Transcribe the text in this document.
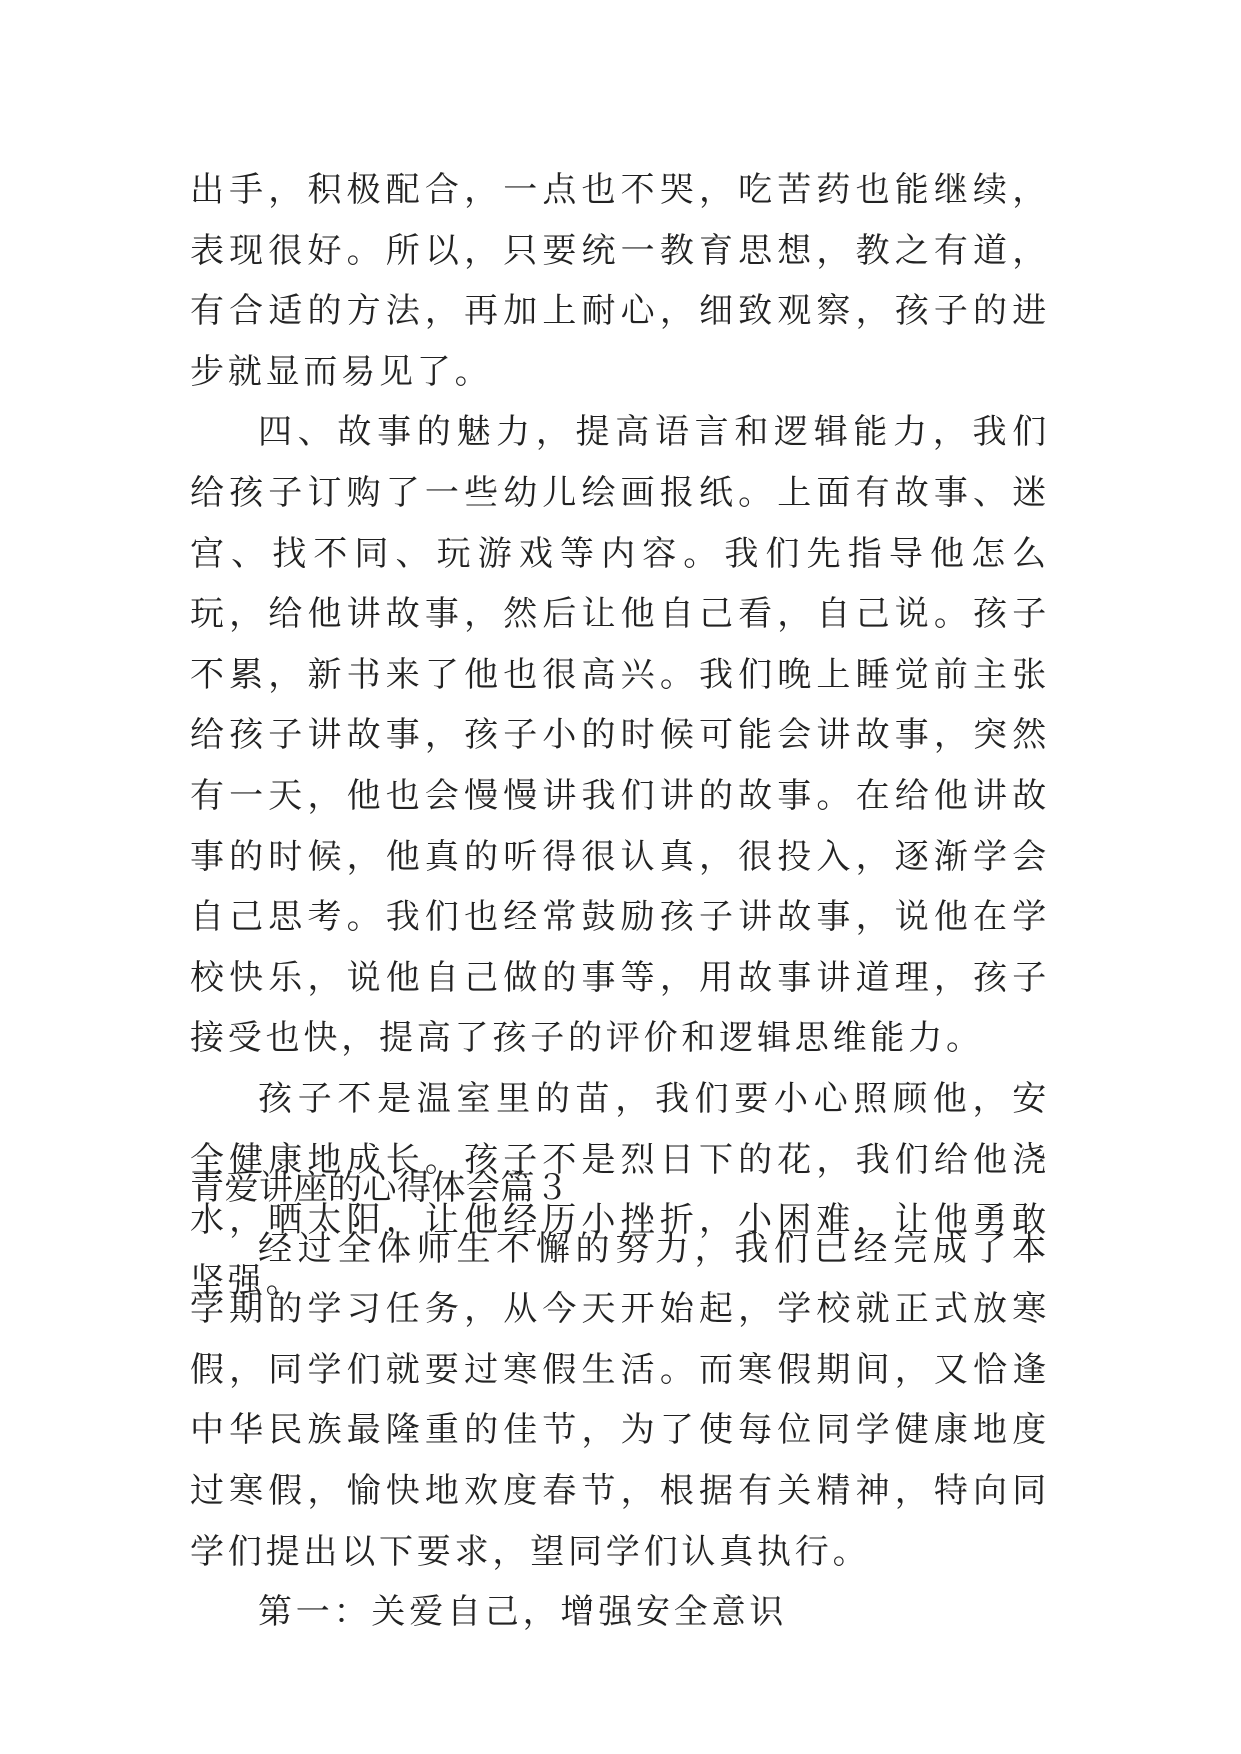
出手，积极配合，一点也不哭，吃苦药也能继续，表现很好。所以，只要统一教育思想，教之有道，有合适的方法，再加上耐心，细致观察，孩子的进步就显而易见了。

四、故事的魅力，提高语言和逻辑能力，我们给孩子订购了一些幼儿绘画报纸。上面有故事、迷宫、找不同、玩游戏等内容。我们先指导他怎么玩，给他讲故事，然后让他自己看，自己说。孩子不累，新书来了他也很高兴。我们晚上睡觉前主张给孩子讲故事，孩子小的时候可能会讲故事，突然有一天，他也会慢慢讲我们讲的故事。在给他讲故事的时候，他真的听得很认真，很投入，逐渐学会自己思考。我们也经常鼓励孩子讲故事，说他在学校快乐，说他自己做的事等，用故事讲道理，孩子接受也快，提高了孩子的评价和逻辑思维能力。

孩子不是温室里的苗，我们要小心照顾他，安全健康地成长。孩子不是烈日下的花，我们给他浇水，晒太阳，让他经历小挫折，小困难，让他勇敢坚强。

青爱讲座的心得体会篇３

经过全体师生不懈的努力，我们已经完成了本学期的学习任务，从今天开始起，学校就正式放寒假，同学们就要过寒假生活。而寒假期间，又恰逢中华民族最隆重的佳节，为了使每位同学健康地度过寒假，愉快地欢度春节，根据有关精神，特向同学们提出以下要求，望同学们认真执行。

第一：关爱自己，增强安全意识
